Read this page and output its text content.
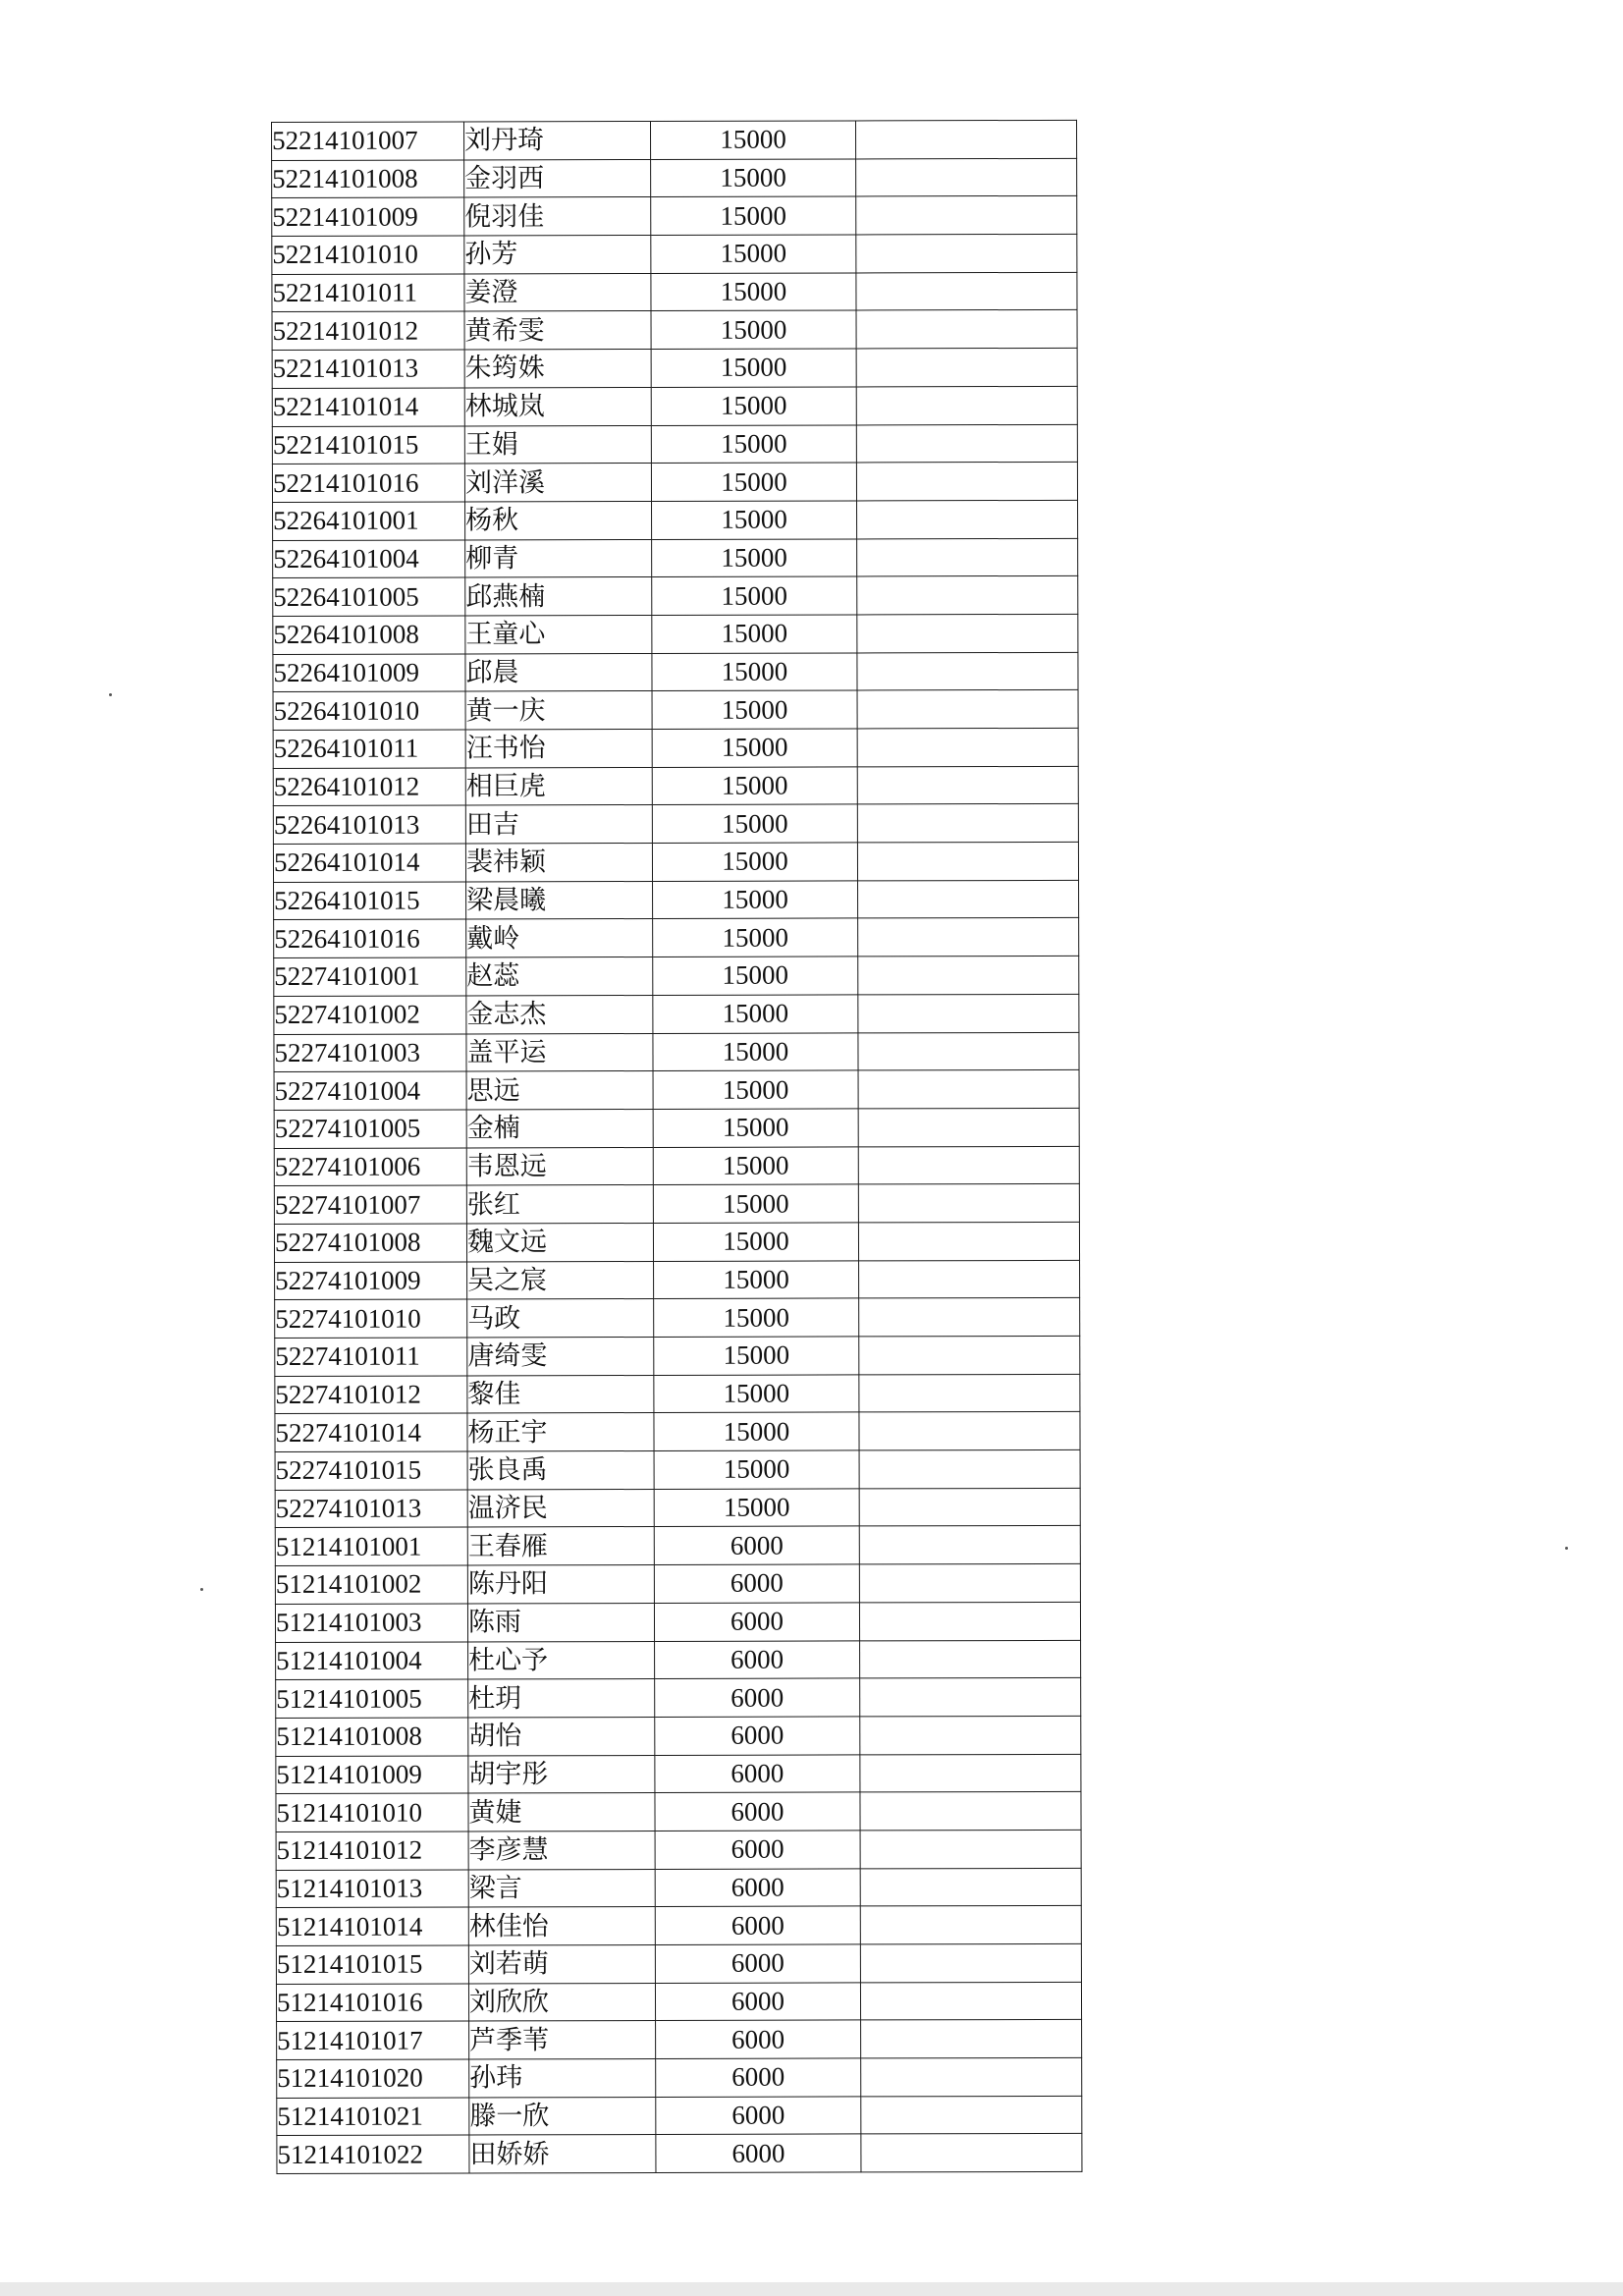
52214101007	刘丹琦	15000	
52214101008	金羽西	15000	
52214101009	倪羽佳	15000	
52214101010	孙芳	15000	
52214101011	姜澄	15000	
52214101012	黄希雯	15000	
52214101013	朱筠姝	15000	
52214101014	林城岚	15000	
52214101015	王娟	15000	
52214101016	刘洋溪	15000	
52264101001	杨秋	15000	
52264101004	柳青	15000	
52264101005	邱燕楠	15000	
52264101008	王童心	15000	
52264101009	邱晨	15000	
52264101010	黄一庆	15000	
52264101011	汪书怡	15000	
52264101012	相巨虎	15000	
52264101013	田吉	15000	
52264101014	裴祎颖	15000	
52264101015	梁晨曦	15000	
52264101016	戴岭	15000	
52274101001	赵蕊	15000	
52274101002	金志杰	15000	
52274101003	盖平运	15000	
52274101004	思远	15000	
52274101005	金楠	15000	
52274101006	韦恩远	15000	
52274101007	张红	15000	
52274101008	魏文远	15000	
52274101009	吴之宸	15000	
52274101010	马政	15000	
52274101011	唐绮雯	15000	
52274101012	黎佳	15000	
52274101014	杨正宇	15000	
52274101015	张良禹	15000	
52274101013	温济民	15000	
51214101001	王春雁	6000	
51214101002	陈丹阳	6000	
51214101003	陈雨	6000	
51214101004	杜心予	6000	
51214101005	杜玥	6000	
51214101008	胡怡	6000	
51214101009	胡宇彤	6000	
51214101010	黄婕	6000	
51214101012	李彦慧	6000	
51214101013	梁言	6000	
51214101014	林佳怡	6000	
51214101015	刘若萌	6000	
51214101016	刘欣欣	6000	
51214101017	芦季苇	6000	
51214101020	孙玮	6000	
51214101021	滕一欣	6000	
51214101022	田娇娇	6000	
